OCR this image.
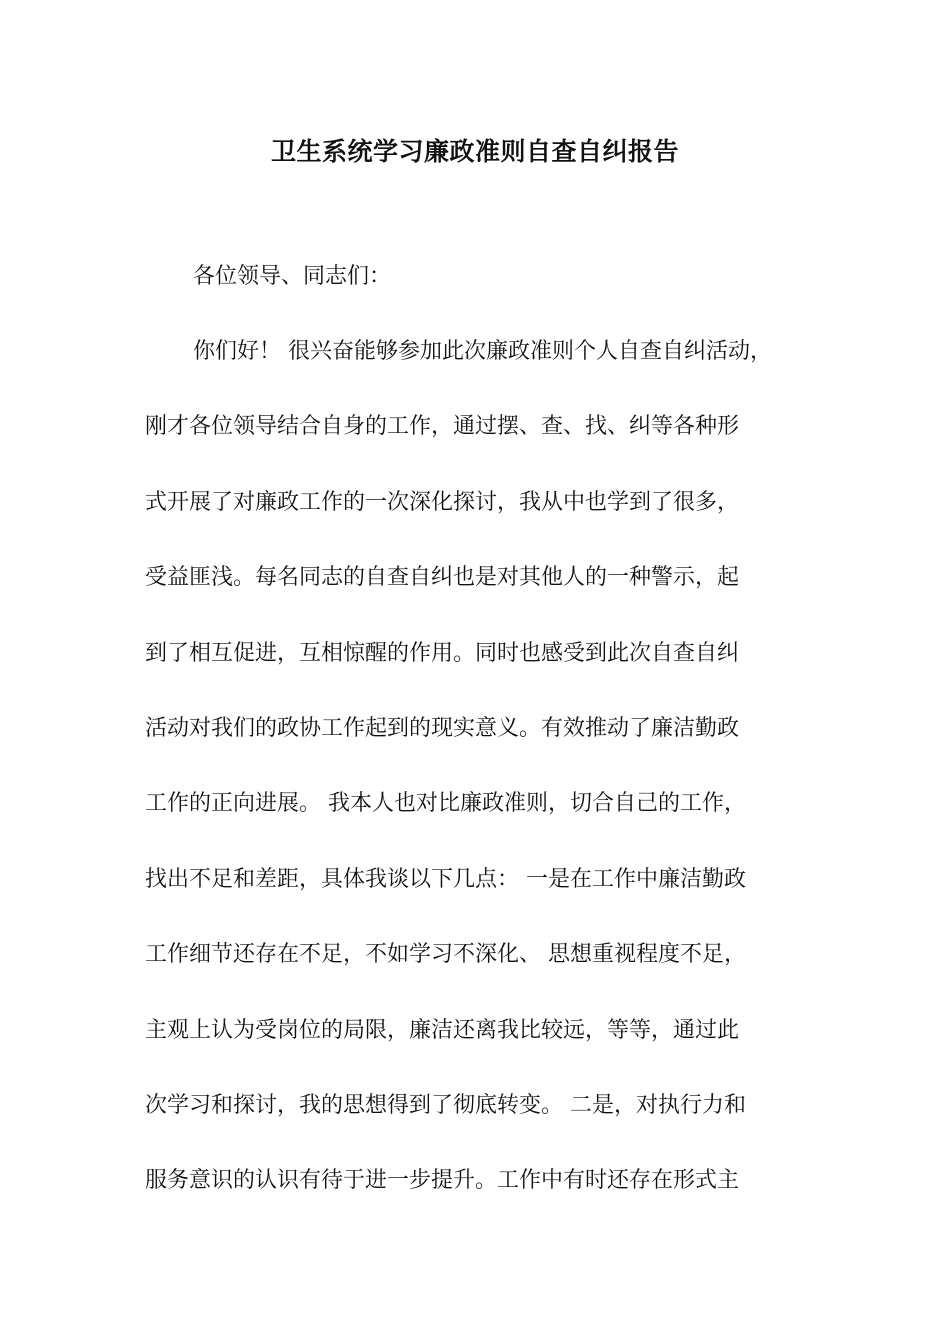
卫生系统学习廉政准则自查自纠报告
各位领导、同志们：
你们好！ 很兴奋能够参加此次廉政准则个人自查自纠活动，
刚才各位领导结合自身的工作，通过摆、查、找、纠等各种形
式开展了对廉政工作的一次深化探讨，我从中也学到了很多，
受益匪浅。每名同志的自查自纠也是对其他人的一种警示，起
到了相互促进，互相惊醒的作用。同时也感受到此次自查自纠
活动对我们的政协工作起到的现实意义。有效推动了廉洁勤政
工作的正向进展。 我本人也对比廉政准则，切合自己的工作，
找出不足和差距，具体我谈以下几点： 一是在工作中廉洁勤政
工作细节还存在不足，不如学习不深化、 思想重视程度不足，
主观上认为受岗位的局限，廉洁还离我比较远，等等，通过此
次学习和探讨，我的思想得到了彻底转变。 二是，对执行力和
服务意识的认识有待于进一步提升。工作中有时还存在形式主
